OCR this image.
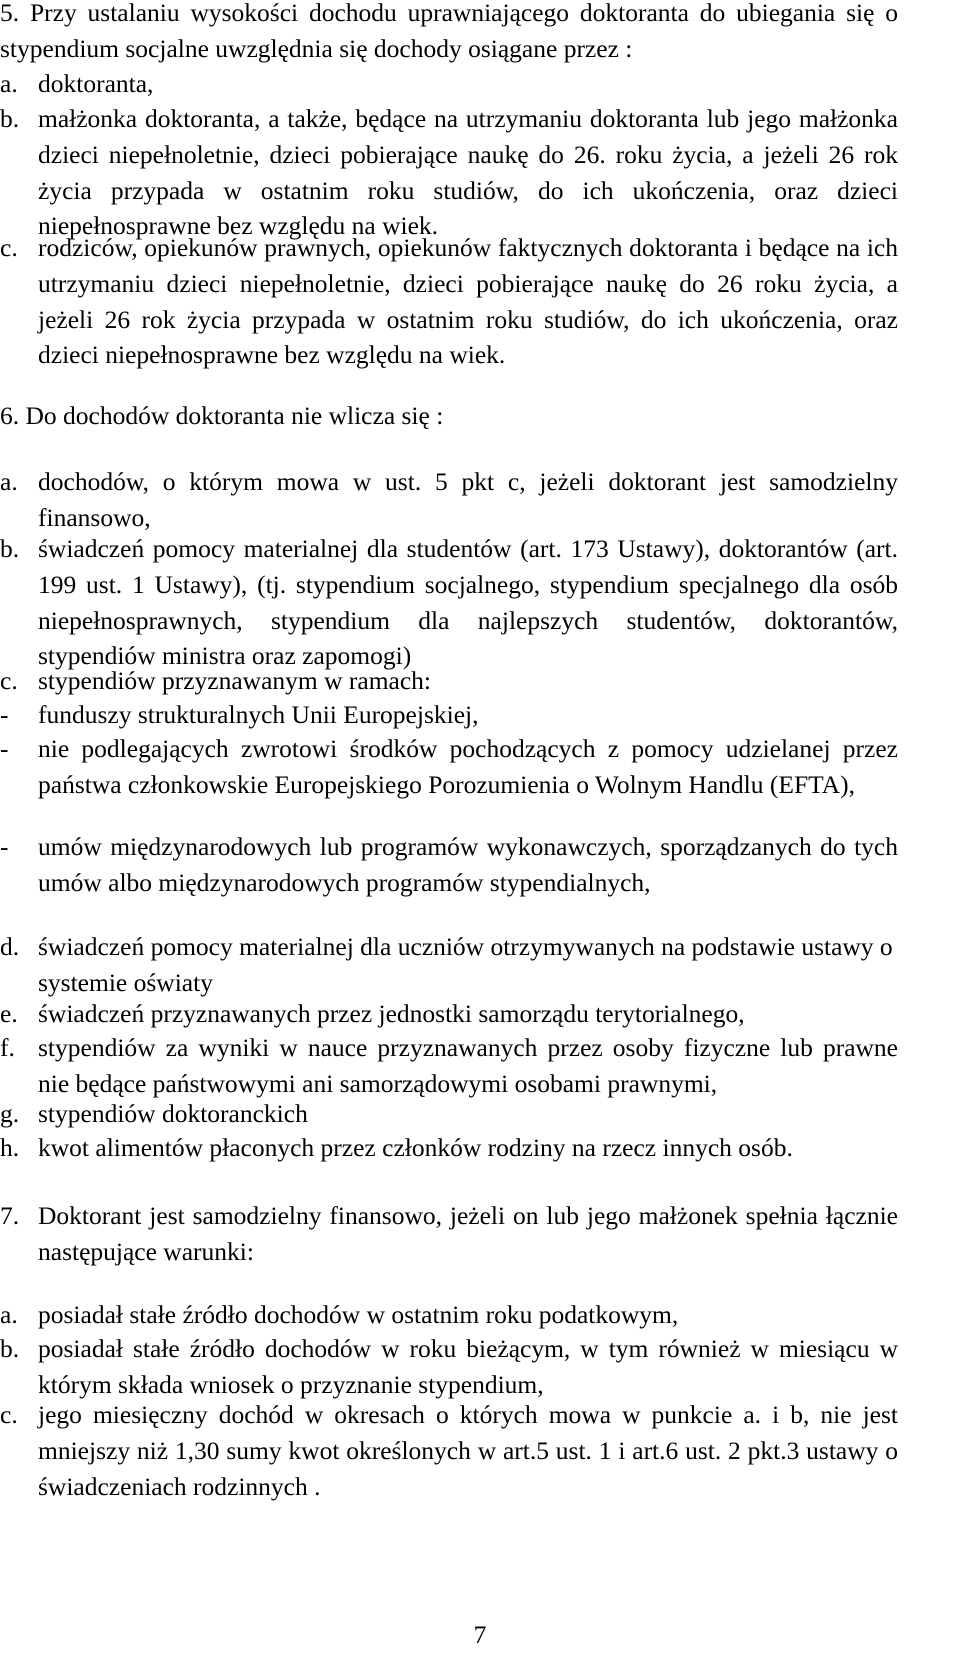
5. Przy ustalaniu wysokości dochodu uprawniającego doktoranta do ubiegania się o stypendium socjalne uwzględnia się dochody osiągane przez :
a. doktoranta,
b. małżonka doktoranta, a także, będące na utrzymaniu doktoranta lub jego małżonka dzieci niepełnoletnie, dzieci pobierające naukę do 26. roku życia, a jeżeli 26 rok życia przypada w ostatnim roku studiów, do ich ukończenia, oraz dzieci niepełnosprawne bez względu na wiek.
c. rodziców, opiekunów prawnych, opiekunów faktycznych doktoranta i będące na ich utrzymaniu dzieci niepełnoletnie, dzieci pobierające naukę do 26 roku życia, a jeżeli 26 rok życia przypada w ostatnim roku studiów, do ich ukończenia, oraz dzieci niepełnosprawne bez względu na wiek.
6. Do dochodów doktoranta nie wlicza się :
a. dochodów, o którym mowa w ust. 5 pkt c, jeżeli doktorant jest samodzielny finansowo,
b. świadczeń pomocy materialnej dla studentów (art. 173 Ustawy), doktorantów (art. 199 ust. 1 Ustawy), (tj. stypendium socjalnego, stypendium specjalnego dla osób niepełnosprawnych, stypendium dla najlepszych studentów, doktorantów, stypendiów ministra oraz zapomogi)
c. stypendiów przyznawanym w ramach:
-	funduszy strukturalnych Unii Europejskiej,
-	nie podlegających zwrotowi środków pochodzących z pomocy udzielanej przez państwa członkowskie Europejskiego Porozumienia o Wolnym Handlu (EFTA),
-	umów międzynarodowych lub programów wykonawczych, sporządzanych do tych umów albo międzynarodowych programów stypendialnych,
d. świadczeń pomocy materialnej dla uczniów otrzymywanych na podstawie ustawy o systemie oświaty
e. świadczeń przyznawanych przez jednostki samorządu terytorialnego,
f. stypendiów za wyniki w nauce przyznawanych przez osoby fizyczne lub prawne nie będące państwowymi ani samorządowymi osobami prawnymi,
g. stypendiów doktoranckich
h. kwot alimentów płaconych przez członków rodziny na rzecz innych osób.
7. Doktorant jest samodzielny finansowo, jeżeli on lub jego małżonek spełnia łącznie następujące warunki:
a. posiadał stałe źródło dochodów w ostatnim roku podatkowym,
b. posiadał stałe źródło dochodów w roku bieżącym, w tym również w miesiącu w którym składa wniosek o przyznanie stypendium,
c. jego miesięczny dochód w okresach o których mowa w punkcie a. i b, nie jest mniejszy niż 1,30 sumy kwot określonych w art.5 ust. 1 i art.6 ust. 2 pkt.3 ustawy o świadczeniach rodzinnych .
7
